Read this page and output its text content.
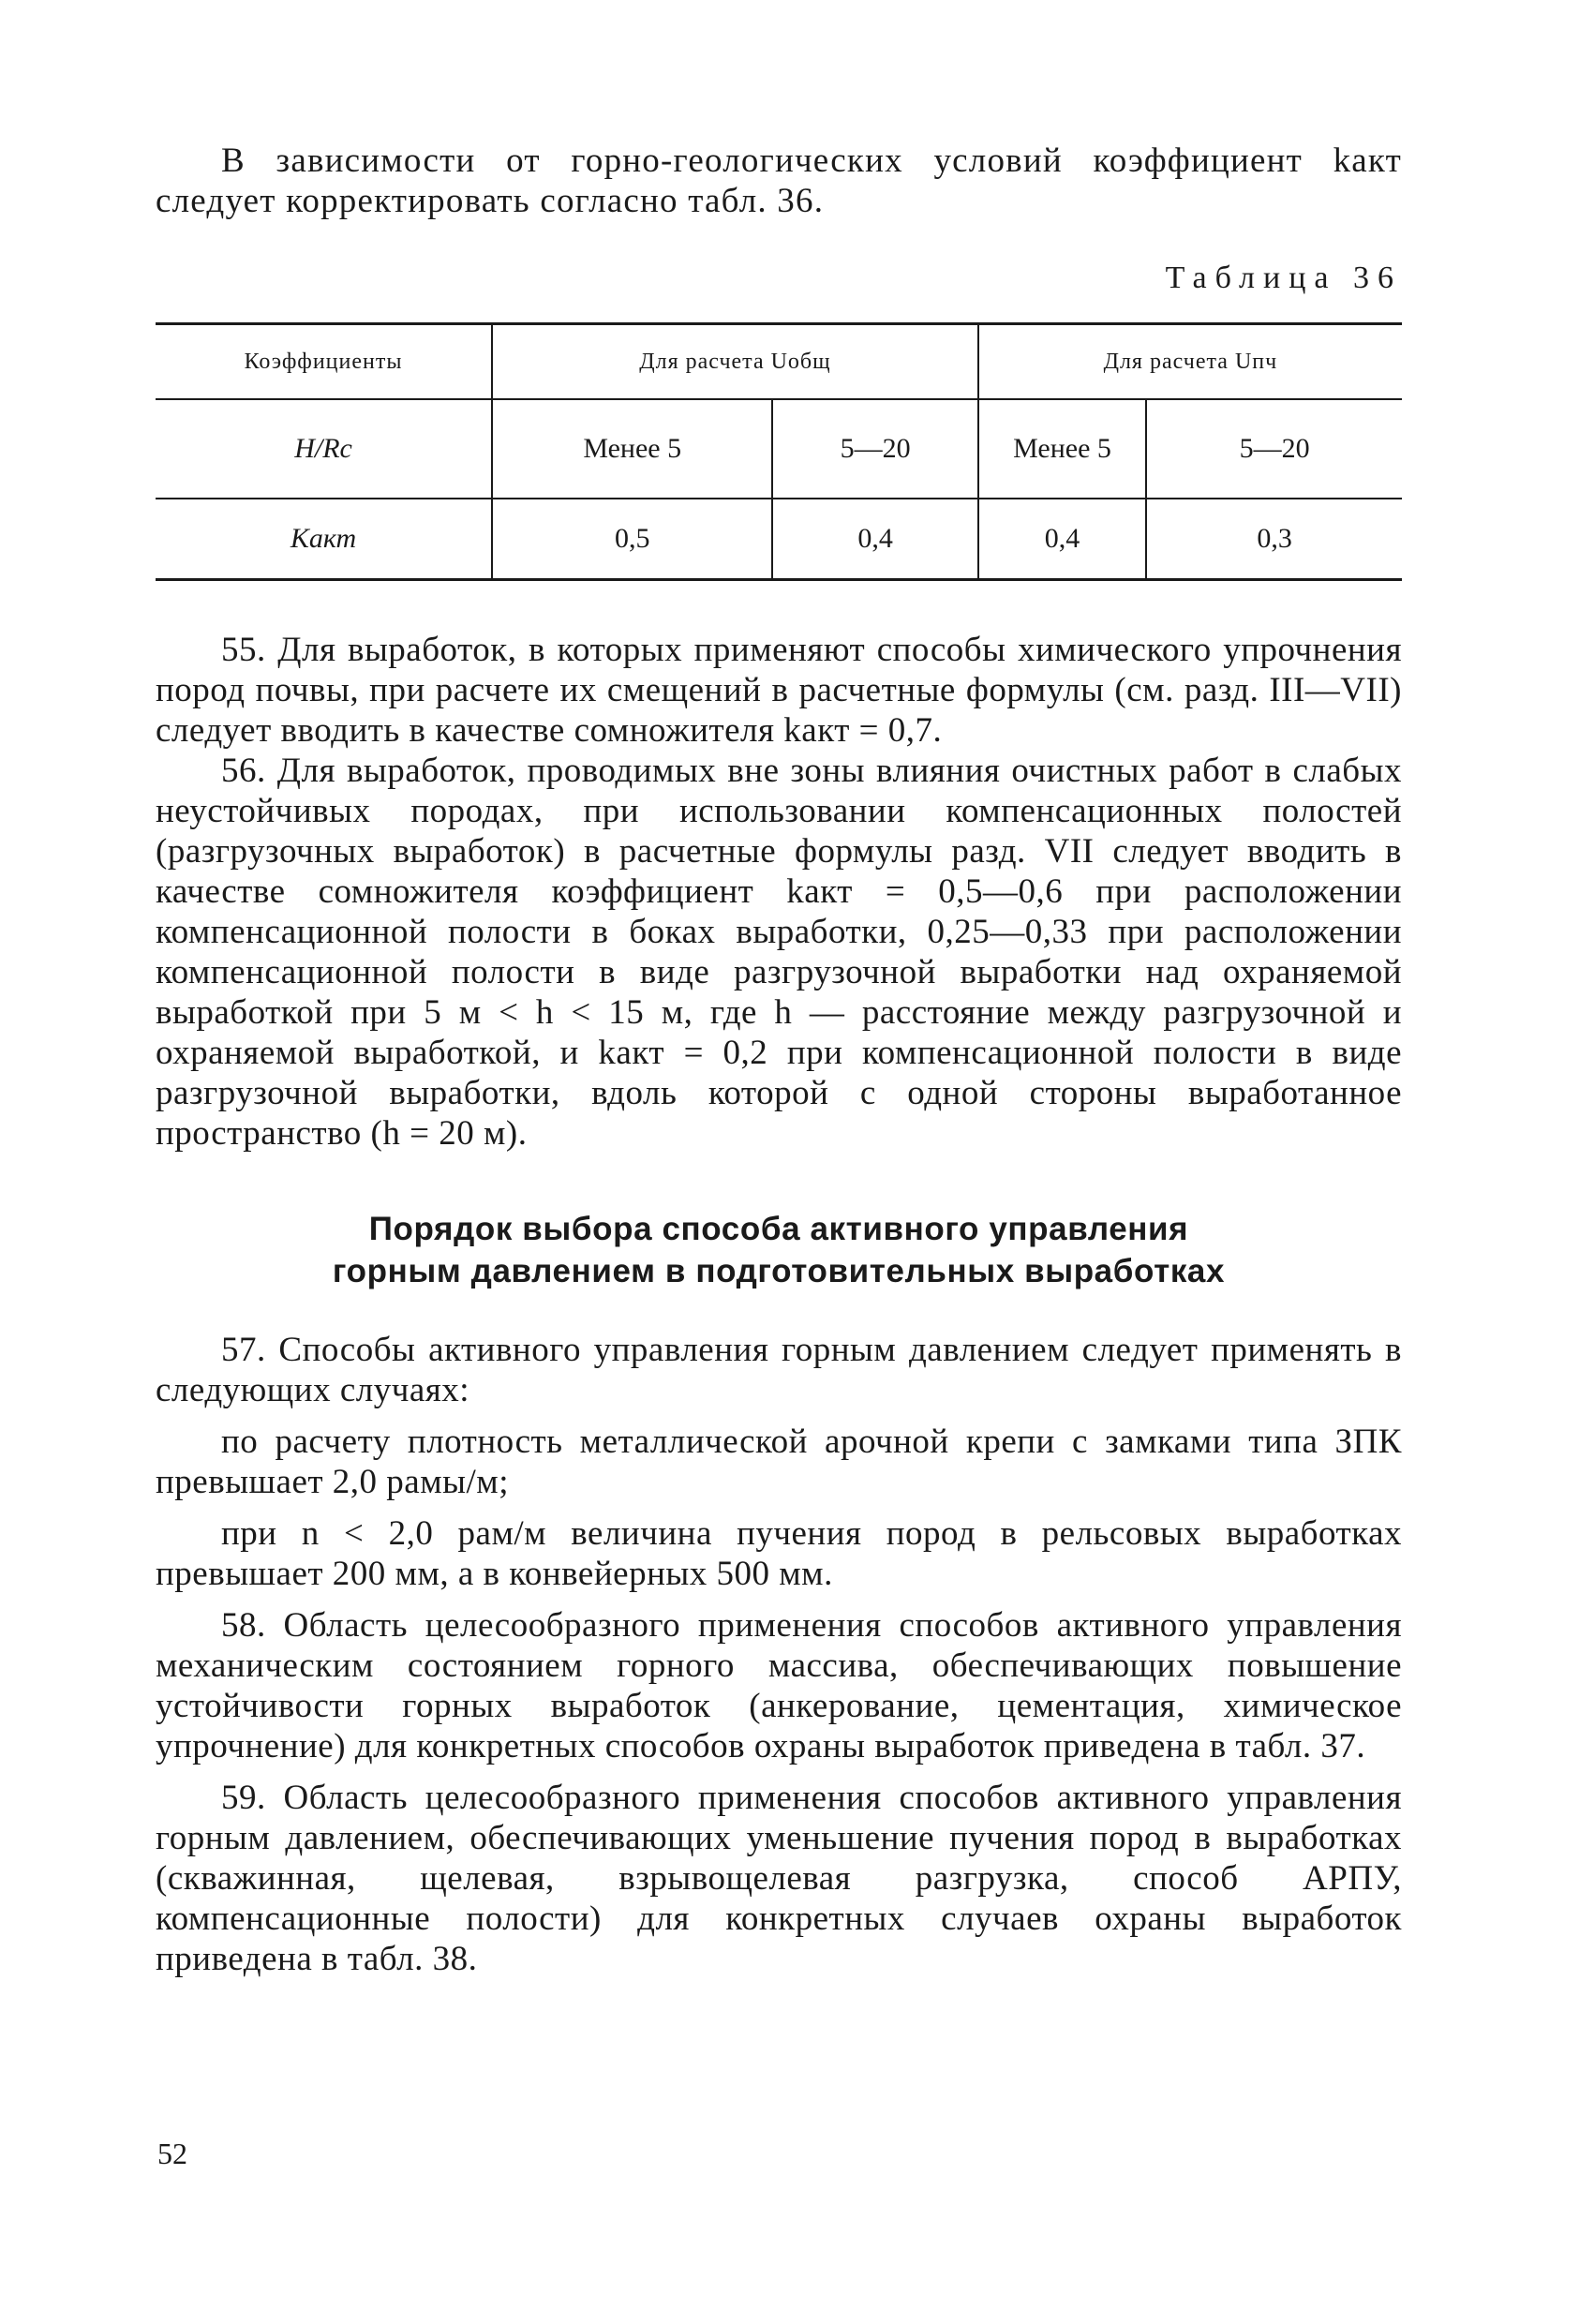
В зависимости от горно-геологических условий коэффициент kакт следует корректировать согласно табл. 36.

Таблица 36
Коэффициенты	Для расчета Uобщ		Для расчета Uпч	
H/Rс	Менее 5	5—20	Менее 5	5—20
Kакт	0,5	0,4	0,4	0,3

55. Для выработок, в которых применяют способы химического упрочнения пород почвы, при расчете их смещений в расчетные формулы (см. разд. III—VII) следует вводить в качестве сомножителя kакт = 0,7.

56. Для выработок, проводимых вне зоны влияния очистных работ в слабых неустойчивых породах, при использовании компенсационных полостей (разгрузочных выработок) в расчетные формулы разд. VII следует вводить в качестве сомножителя коэффициент kакт = 0,5—0,6 при расположении компенсационной полости в боках выработки, 0,25—0,33 при расположении компенсационной полости в виде разгрузочной выработки над охраняемой выработкой при 5 м < h < 15 м, где h — расстояние между разгрузочной и охраняемой выработкой, и kакт = 0,2 при компенсационной полости в виде разгрузочной выработки, вдоль которой с одной стороны выработанное пространство (h = 20 м).

Порядок выбора способа активного управления
горным давлением в подготовительных выработках

57. Способы активного управления горным давлением следует применять в следующих случаях:

по расчету плотность металлической арочной крепи с замками типа ЗПК превышает 2,0 рамы/м;

при n < 2,0 рам/м величина пучения пород в рельсовых выработках превышает 200 мм, а в конвейерных 500 мм.

58. Область целесообразного применения способов активного управления механическим состоянием горного массива, обеспечивающих повышение устойчивости горных выработок (анкерование, цементация, химическое упрочнение) для конкретных способов охраны выработок приведена в табл. 37.

59. Область целесообразного применения способов активного управления горным давлением, обеспечивающих уменьшение пучения пород в выработках (скважинная, щелевая, взрывощелевая разгрузка, способ АРПУ, компенсационные полости) для конкретных случаев охраны выработок приведена в табл. 38.

52
